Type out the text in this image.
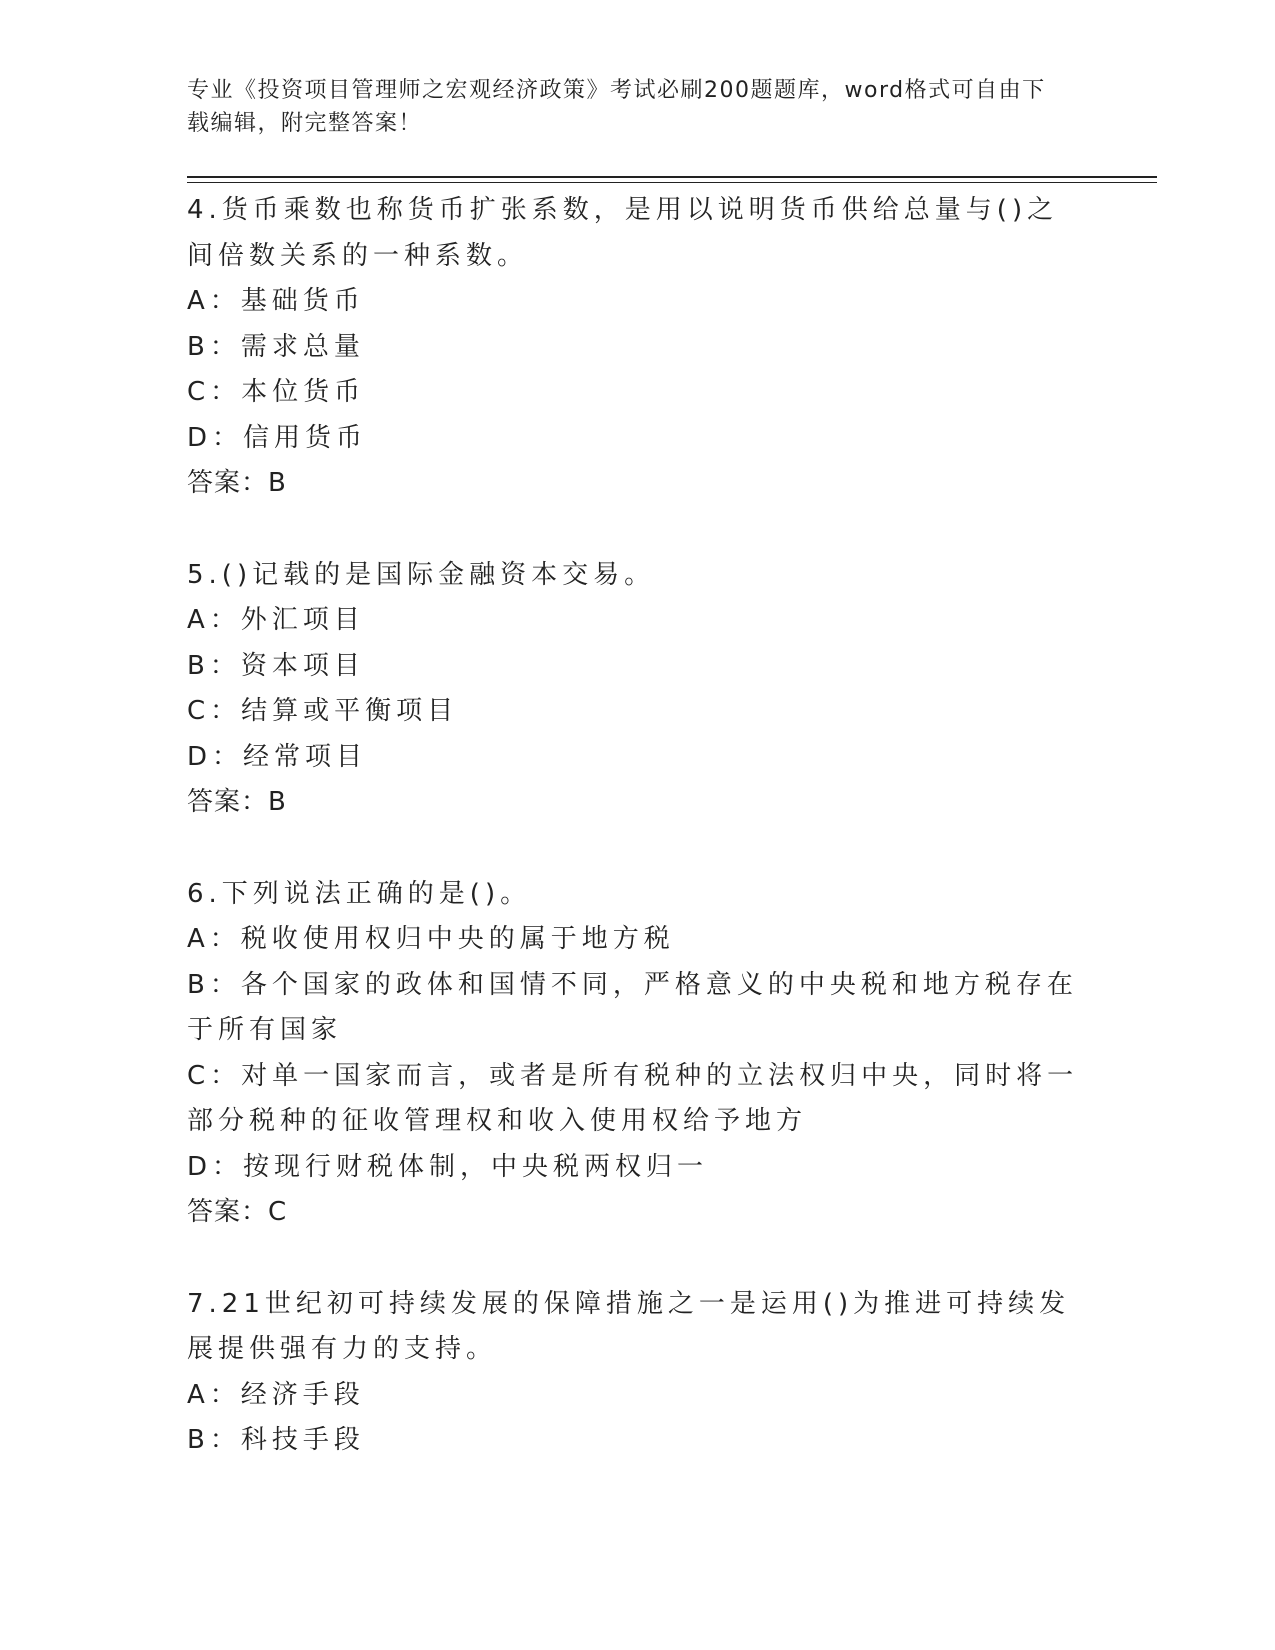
专业《投资项目管理师之宏观经济政策》考试必刷200题题库，word格式可自由下载编辑，附完整答案！
4.货币乘数也称货币扩张系数，是用以说明货币供给总量与()之间倍数关系的一种系数。
A：基础货币
B：需求总量
C：本位货币
D：信用货币
答案：B
5.()记载的是国际金融资本交易。
A：外汇项目
B：资本项目
C：结算或平衡项目
D：经常项目
答案：B
6.下列说法正确的是()。
A：税收使用权归中央的属于地方税
B：各个国家的政体和国情不同，严格意义的中央税和地方税存在于所有国家
C：对单一国家而言，或者是所有税种的立法权归中央，同时将一部分税种的征收管理权和收入使用权给予地方
D：按现行财税体制，中央税两权归一
答案：C
7.21世纪初可持续发展的保障措施之一是运用()为推进可持续发展提供强有力的支持。
A：经济手段
B：科技手段
